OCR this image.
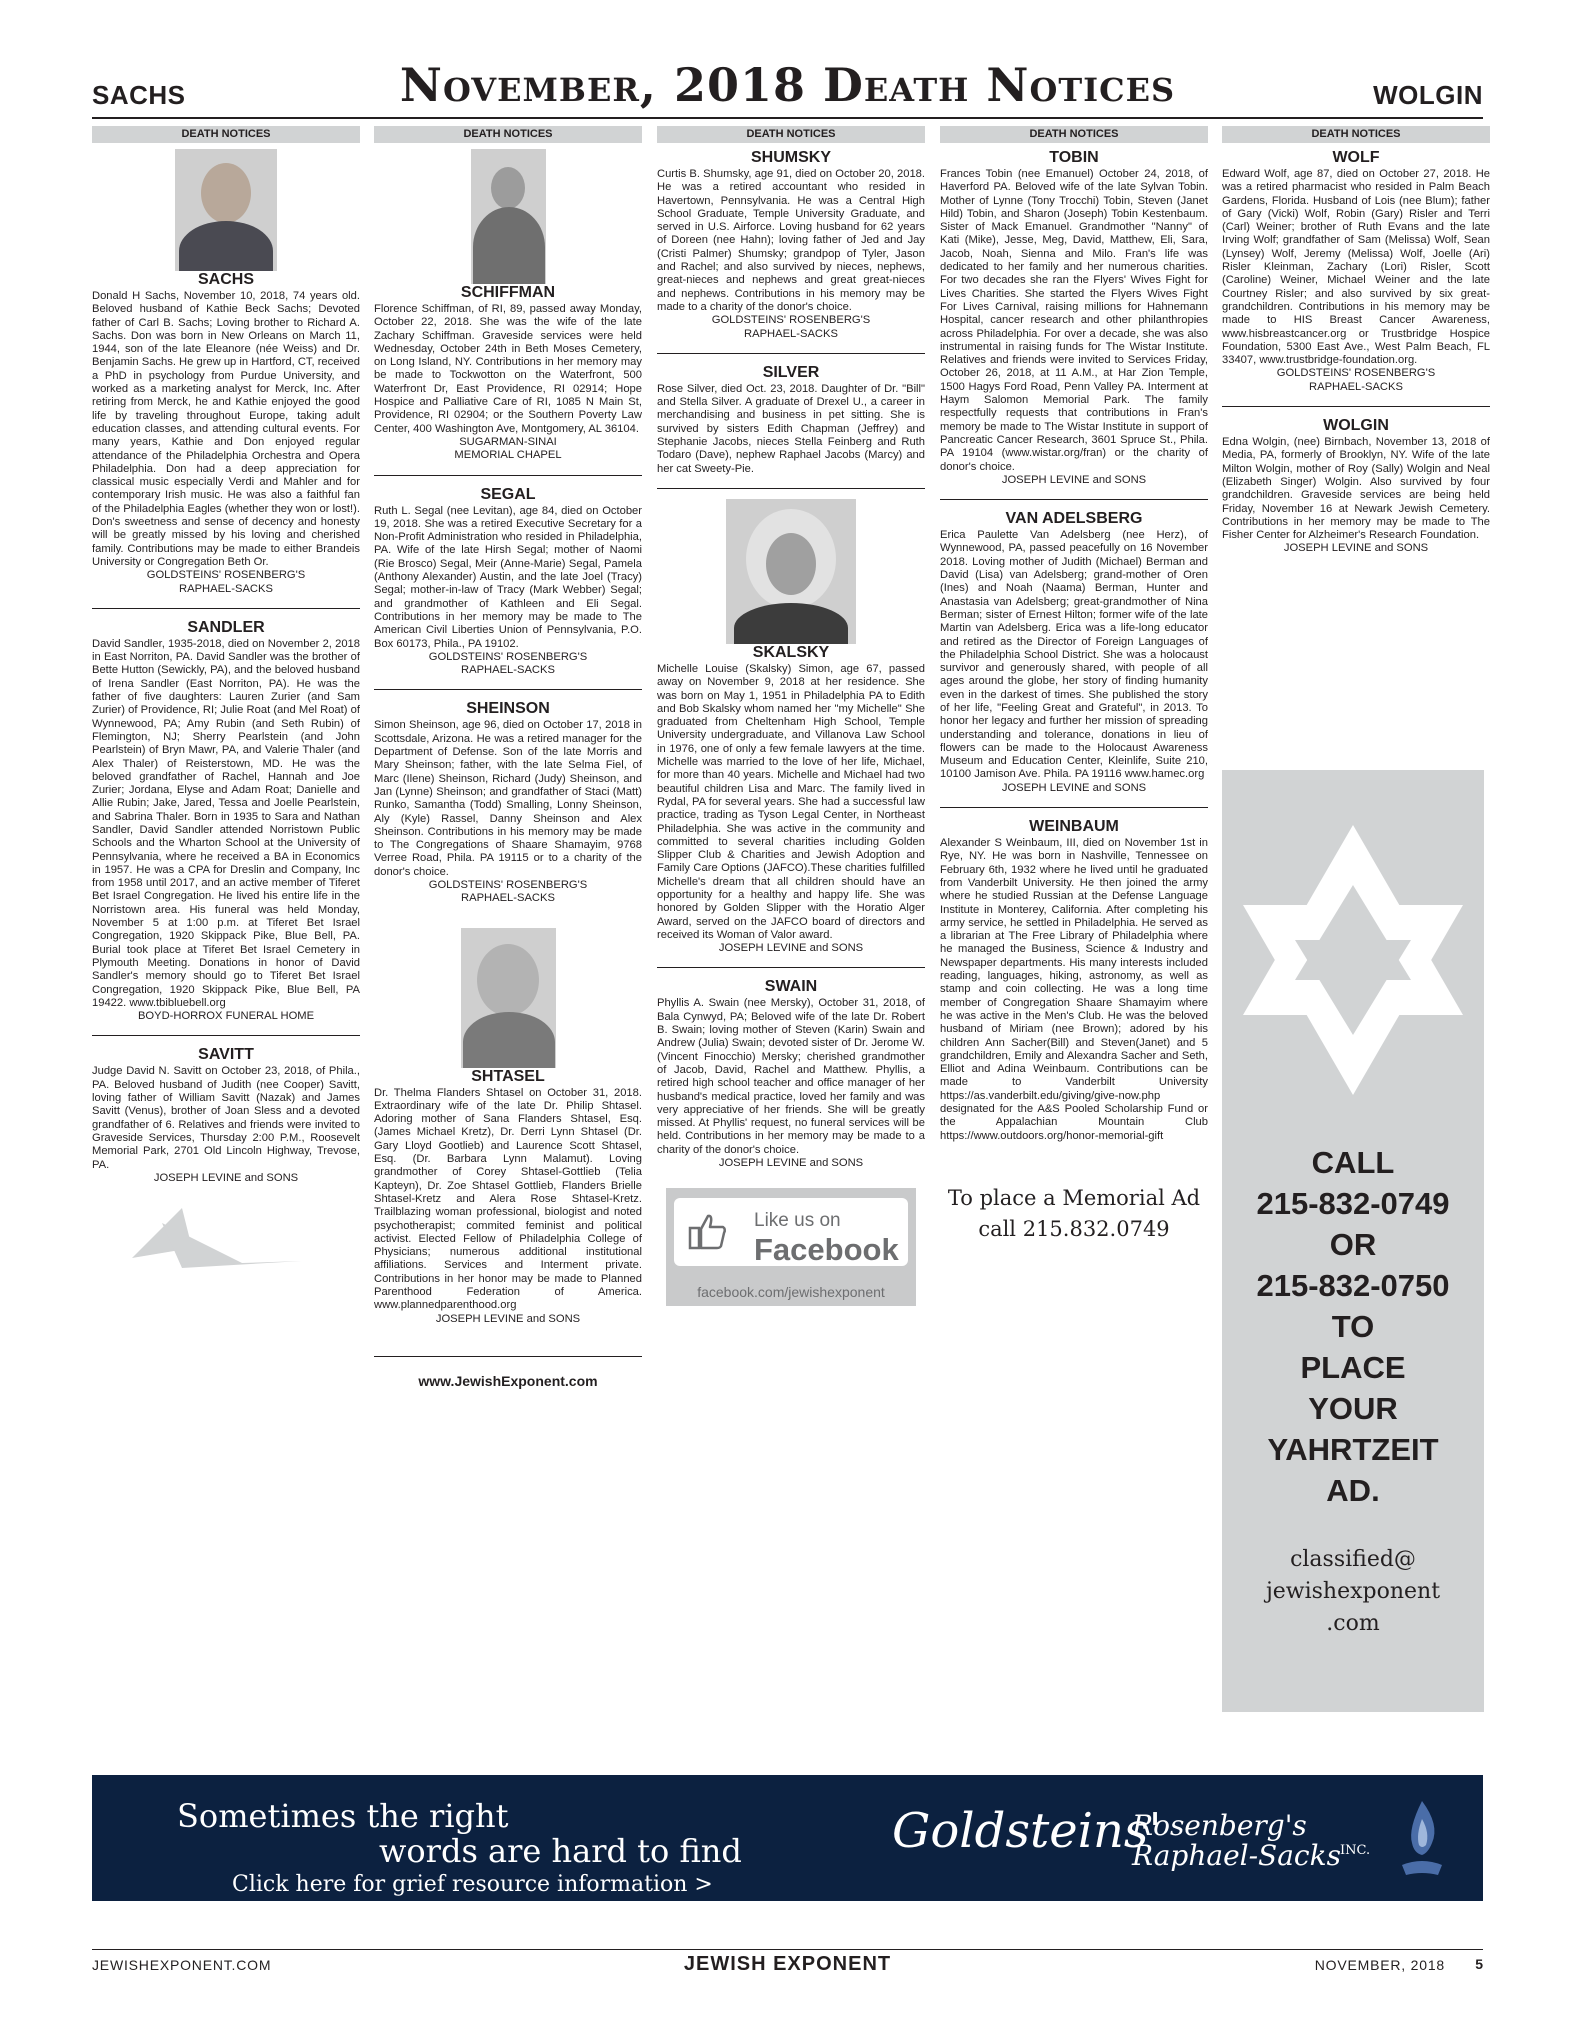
SACHS	November, 2018 Death Notices	WOLGIN
DEATH NOTICES
SACHS

Donald H Sachs, November 10, 2018, 74 years old. Beloved husband of Kathie Beck Sachs; Devoted father of Carl B. Sachs; Loving brother to Richard A. Sachs. Don was born in New Orleans on March 11, 1944, son of the late Eleanore (née Weiss) and Dr. Benjamin Sachs. He grew up in Hartford, CT, received a PhD in psychology from Purdue University, and worked as a marketing analyst for Merck, Inc. After retiring from Merck, he and Kathie enjoyed the good life by traveling throughout Europe, taking adult education classes, and attending cultural events. For many years, Kathie and Don enjoyed regular attendance of the Philadelphia Orchestra and Opera Philadelphia. Don had a deep appreciation for classical music especially Verdi and Mahler and for contemporary Irish music. He was also a faithful fan of the Philadelphia Eagles (whether they won or lost!). Don's sweetness and sense of decency and honesty will be greatly missed by his loving and cherished family. Contributions may be made to either Brandeis University or Congregation Beth Or.

GOLDSTEINS' ROSENBERG'S
RAPHAEL-SACKS
SANDLER

David Sandler, 1935-2018, died on November 2, 2018 in East Norriton, PA. David Sandler was the brother of Bette Hutton (Sewickly, PA), and the beloved husband of Irena Sandler (East Norriton, PA). He was the father of five daughters: Lauren Zurier (and Sam Zurier) of Providence, RI; Julie Roat (and Mel Roat) of Wynnewood, PA; Amy Rubin (and Seth Rubin) of Flemington, NJ; Sherry Pearlstein (and John Pearlstein) of Bryn Mawr, PA, and Valerie Thaler (and Alex Thaler) of Reisterstown, MD. He was the beloved grandfather of Rachel, Hannah and Joe Zurier; Jordana, Elyse and Adam Roat; Danielle and Allie Rubin; Jake, Jared, Tessa and Joelle Pearlstein, and Sabrina Thaler. Born in 1935 to Sara and Nathan Sandler, David Sandler attended Norristown Public Schools and the Wharton School at the University of Pennsylvania, where he received a BA in Economics in 1957. He was a CPA for Dreslin and Company, Inc from 1958 until 2017, and an active member of Tiferet Bet Israel Congregation. He lived his entire life in the Norristown area. His funeral was held Monday, November 5 at 1:00 p.m. at Tiferet Bet Israel Congregation, 1920 Skippack Pike, Blue Bell, PA. Burial took place at Tiferet Bet Israel Cemetery in Plymouth Meeting. Donations in honor of David Sandler's memory should go to Tiferet Bet Israel Congregation, 1920 Skippack Pike, Blue Bell, PA 19422. www.tbibluebell.org

BOYD-HORROX FUNERAL HOME
SAVITT

Judge David N. Savitt on October 23, 2018, of Phila., PA. Beloved husband of Judith (nee Cooper) Savitt, loving father of William Savitt (Nazak) and James Savitt (Venus), brother of Joan Sless and a devoted grandfather of 6. Relatives and friends were invited to Graveside Services, Thursday 2:00 P.M., Roosevelt Memorial Park, 2701 Old Lincoln Highway, Trevose, PA.

JOSEPH LEVINE and SONS
DEATH NOTICES
SCHIFFMAN

Florence Schiffman, of RI, 89, passed away Monday, October 22, 2018. She was the wife of the late Zachary Schiffman. Graveside services were held Wednesday, October 24th in Beth Moses Cemetery, on Long Island, NY. Contributions in her memory may be made to Tockwotton on the Waterfront, 500 Waterfront Dr, East Providence, RI 02914; Hope Hospice and Palliative Care of RI, 1085 N Main St, Providence, RI 02904; or the Southern Poverty Law Center, 400 Washington Ave, Montgomery, AL 36104.

SUGARMAN-SINAI
MEMORIAL CHAPEL
SEGAL

Ruth L. Segal (nee Levitan), age 84, died on October 19, 2018. She was a retired Executive Secretary for a Non-Profit Administration who resided in Philadelphia, PA. Wife of the late Hirsh Segal; mother of Naomi (Rie Brosco) Segal, Meir (Anne-Marie) Segal, Pamela (Anthony Alexander) Austin, and the late Joel (Tracy) Segal; mother-in-law of Tracy (Mark Webber) Segal; and grandmother of Kathleen and Eli Segal. Contributions in her memory may be made to The American Civil Liberties Union of Pennsylvania, P.O. Box 60173, Phila., PA 19102.

GOLDSTEINS' ROSENBERG'S
RAPHAEL-SACKS
SHEINSON

Simon Sheinson, age 96, died on October 17, 2018 in Scottsdale, Arizona. He was a retired manager for the Department of Defense. Son of the late Morris and Mary Sheinson; father, with the late Selma Fiel, of Marc (Ilene) Sheinson, Richard (Judy) Sheinson, and Jan (Lynne) Sheinson; and grandfather of Staci (Matt) Runko, Samantha (Todd) Smalling, Lonny Sheinson, Aly (Kyle) Rassel, Danny Sheinson and Alex Sheinson. Contributions in his memory may be made to The Congregations of Shaare Shamayim, 9768 Verree Road, Phila. PA 19115 or to a charity of the donor's choice.

GOLDSTEINS' ROSENBERG'S
RAPHAEL-SACKS
SHTASEL

Dr. Thelma Flanders Shtasel on October 31, 2018. Extraordinary wife of the late Dr. Philip Shtasel. Adoring mother of Sana Flanders Shtasel, Esq. (James Michael Kretz), Dr. Derri Lynn Shtasel (Dr. Gary Lloyd Gootlieb) and Laurence Scott Shtasel, Esq. (Dr. Barbara Lynn Malamut). Loving grandmother of Corey Shtasel-Gottlieb (Telia Kapteyn), Dr. Zoe Shtasel Gottlieb, Flanders Brielle Shtasel-Kretz and Alera Rose Shtasel-Kretz. Trailblazing woman professional, biologist and noted psychotherapist; commited feminist and political activist. Elected Fellow of Philadelphia College of Physicians; numerous additional institutional affiliations. Services and Interment private. Contributions in her honor may be made to Planned Parenthood Federation of America. www.plannedparenthood.org

JOSEPH LEVINE and SONS
www.JewishExponent.com
DEATH NOTICES
SHUMSKY

Curtis B. Shumsky, age 91, died on October 20, 2018. He was a retired accountant who resided in Havertown, Pennsylvania. He was a Central High School Graduate, Temple University Graduate, and served in U.S. Airforce. Loving husband for 62 years of Doreen (nee Hahn); loving father of Jed and Jay (Cristi Palmer) Shumsky; grandpop of Tyler, Jason and Rachel; and also survived by nieces, nephews, great-nieces and nephews and great great-nieces and nephews. Contributions in his memory may be made to a charity of the donor's choice.

GOLDSTEINS' ROSENBERG'S
RAPHAEL-SACKS
SILVER

Rose Silver, died Oct. 23, 2018. Daughter of Dr. "Bill" and Stella Silver. A graduate of Drexel U., a career in merchandising and business in pet sitting. She is survived by sisters Edith Chapman (Jeffrey) and Stephanie Jacobs, nieces Stella Feinberg and Ruth Todaro (Dave), nephew Raphael Jacobs (Marcy) and her cat Sweety-Pie.

SKALSKY

Michelle Louise (Skalsky) Simon, age 67, passed away on November 9, 2018 at her residence. She was born on May 1, 1951 in Philadelphia PA to Edith and Bob Skalsky whom named her "my Michelle" She graduated from Cheltenham High School, Temple University undergraduate, and Villanova Law School in 1976, one of only a few female lawyers at the time. Michelle was married to the love of her life, Michael, for more than 40 years. Michelle and Michael had two beautiful children Lisa and Marc. The family lived in Rydal, PA for several years. She had a successful law practice, trading as Tyson Legal Center, in Northeast Philadelphia. She was active in the community and committed to several charities including Golden Slipper Club & Charities and Jewish Adoption and Family Care Options (JAFCO).These charities fulfilled Michelle's dream that all children should have an opportunity for a healthy and happy life. She was honored by Golden Slipper with the Horatio Alger Award, served on the JAFCO board of directors and received its Woman of Valor award.

JOSEPH LEVINE and SONS
SWAIN

Phyllis A. Swain (nee Mersky), October 31, 2018, of Bala Cynwyd, PA; Beloved wife of the late Dr. Robert B. Swain; loving mother of Steven (Karin) Swain and Andrew (Julia) Swain; devoted sister of Dr. Jerome W. (Vincent Finocchio) Mersky; cherished grandmother of Jacob, David, Rachel and Matthew. Phyllis, a retired high school teacher and office manager of her husband's medical practice, loved her family and was very appreciative of her friends. She will be greatly missed. At Phyllis' request, no funeral services will be held. Contributions in her memory may be made to a charity of the donor's choice.

JOSEPH LEVINE and SONS
Like us on
Facebook
facebook.com/jewishexponent
DEATH NOTICES
TOBIN

Frances Tobin (nee Emanuel) October 24, 2018, of Haverford PA. Beloved wife of the late Sylvan Tobin. Mother of Lynne (Tony Trocchi) Tobin, Steven (Janet Hild) Tobin, and Sharon (Joseph) Tobin Kestenbaum. Sister of Mack Emanuel. Grandmother "Nanny" of Kati (Mike), Jesse, Meg, David, Matthew, Eli, Sara, Jacob, Noah, Sienna and Milo. Fran's life was dedicated to her family and her numerous charities. For two decades she ran the Flyers' Wives Fight for Lives Charities. She started the Flyers Wives Fight For Lives Carnival, raising millions for Hahnemann Hospital, cancer research and other philanthropies across Philadelphia. For over a decade, she was also instrumental in raising funds for The Wistar Institute. Relatives and friends were invited to Services Friday, October 26, 2018, at 11 A.M., at Har Zion Temple, 1500 Hagys Ford Road, Penn Valley PA. Interment at Haym Salomon Memorial Park. The family respectfully requests that contributions in Fran's memory be made to The Wistar Institute in support of Pancreatic Cancer Research, 3601 Spruce St., Phila. PA 19104 (www.wistar.org/fran) or the charity of donor's choice.

JOSEPH LEVINE and SONS
VAN ADELSBERG

Erica Paulette Van Adelsberg (nee Herz), of Wynnewood, PA, passed peacefully on 16 November 2018. Loving mother of Judith (Michael) Berman and David (Lisa) van Adelsberg; grand-mother of Oren (Ines) and Noah (Naama) Berman, Hunter and Anastasia van Adelsberg; great-grandmother of Nina Berman; sister of Ernest Hilton; former wife of the late Martin van Adelsberg. Erica was a life-long educator and retired as the Director of Foreign Languages of the Philadelphia School District. She was a holocaust survivor and generously shared, with people of all ages around the globe, her story of finding humanity even in the darkest of times. She published the story of her life, "Feeling Great and Grateful", in 2013. To honor her legacy and further her mission of spreading understanding and tolerance, donations in lieu of flowers can be made to the Holocaust Awareness Museum and Education Center, Kleinlife, Suite 210, 10100 Jamison Ave. Phila. PA 19116 www.hamec.org

JOSEPH LEVINE and SONS
WEINBAUM

Alexander S Weinbaum, III, died on November 1st in Rye, NY. He was born in Nashville, Tennessee on February 6th, 1932 where he lived until he graduated from Vanderbilt University. He then joined the army where he studied Russian at the Defense Language Institute in Monterey, California. After completing his army service, he settled in Philadelphia. He served as a librarian at The Free Library of Philadelphia where he managed the Business, Science & Industry and Newspaper departments. His many interests included reading, languages, hiking, astronomy, as well as stamp and coin collecting. He was a long time member of Congregation Shaare Shamayim where he was active in the Men's Club. He was the beloved husband of Miriam (nee Brown); adored by his children Ann Sacher(Bill) and Steven(Janet) and 5 grandchildren, Emily and Alexandra Sacher and Seth, Elliot and Adina Weinbaum. Contributions can be made to Vanderbilt University https://as.vanderbilt.edu/giving/give-now.php designated for the A&S Pooled Scholarship Fund or the Appalachian Mountain Club https://www.outdoors.org/honor-memorial-gift

To place a Memorial Ad
call 215.832.0749
DEATH NOTICES
WOLF

Edward Wolf, age 87, died on October 27, 2018. He was a retired pharmacist who resided in Palm Beach Gardens, Florida. Husband of Lois (nee Blum); father of Gary (Vicki) Wolf, Robin (Gary) Risler and Terri (Carl) Weiner; brother of Ruth Evans and the late Irving Wolf; grandfather of Sam (Melissa) Wolf, Sean (Lynsey) Wolf, Jeremy (Melissa) Wolf, Joelle (Ari) Risler Kleinman, Zachary (Lori) Risler, Scott (Caroline) Weiner, Michael Weiner and the late Courtney Risler; and also survived by six great- grandchildren. Contributions in his memory may be made to HIS Breast Cancer Awareness, www.hisbreastcancer.org or Trustbridge Hospice Foundation, 5300 East Ave., West Palm Beach, FL 33407, www.trustbridge-foundation.org.

GOLDSTEINS' ROSENBERG'S
RAPHAEL-SACKS
WOLGIN

Edna Wolgin, (nee) Birnbach, November 13, 2018 of Media, PA, formerly of Brooklyn, NY. Wife of the late Milton Wolgin, mother of Roy (Sally) Wolgin and Neal (Elizabeth Singer) Wolgin. Also survived by four grandchildren. Graveside services are being held Friday, November 16 at Newark Jewish Cemetery. Contributions in her memory may be made to The Fisher Center for Alzheimer's Research Foundation.

JOSEPH LEVINE and SONS
CALL
215-832-0749
OR
215-832-0750
TO
PLACE
YOUR
YAHRTZEIT
AD.
classified@
jewishexponent
.com
Sometimes the right
words are hard to find
Click here for grief resource information >
Goldsteins'
Rosenberg's
Raphael-Sacks INC.
JEWISHEXPONENT.COM	JEWISH EXPONENT	NOVEMBER, 2018 5
